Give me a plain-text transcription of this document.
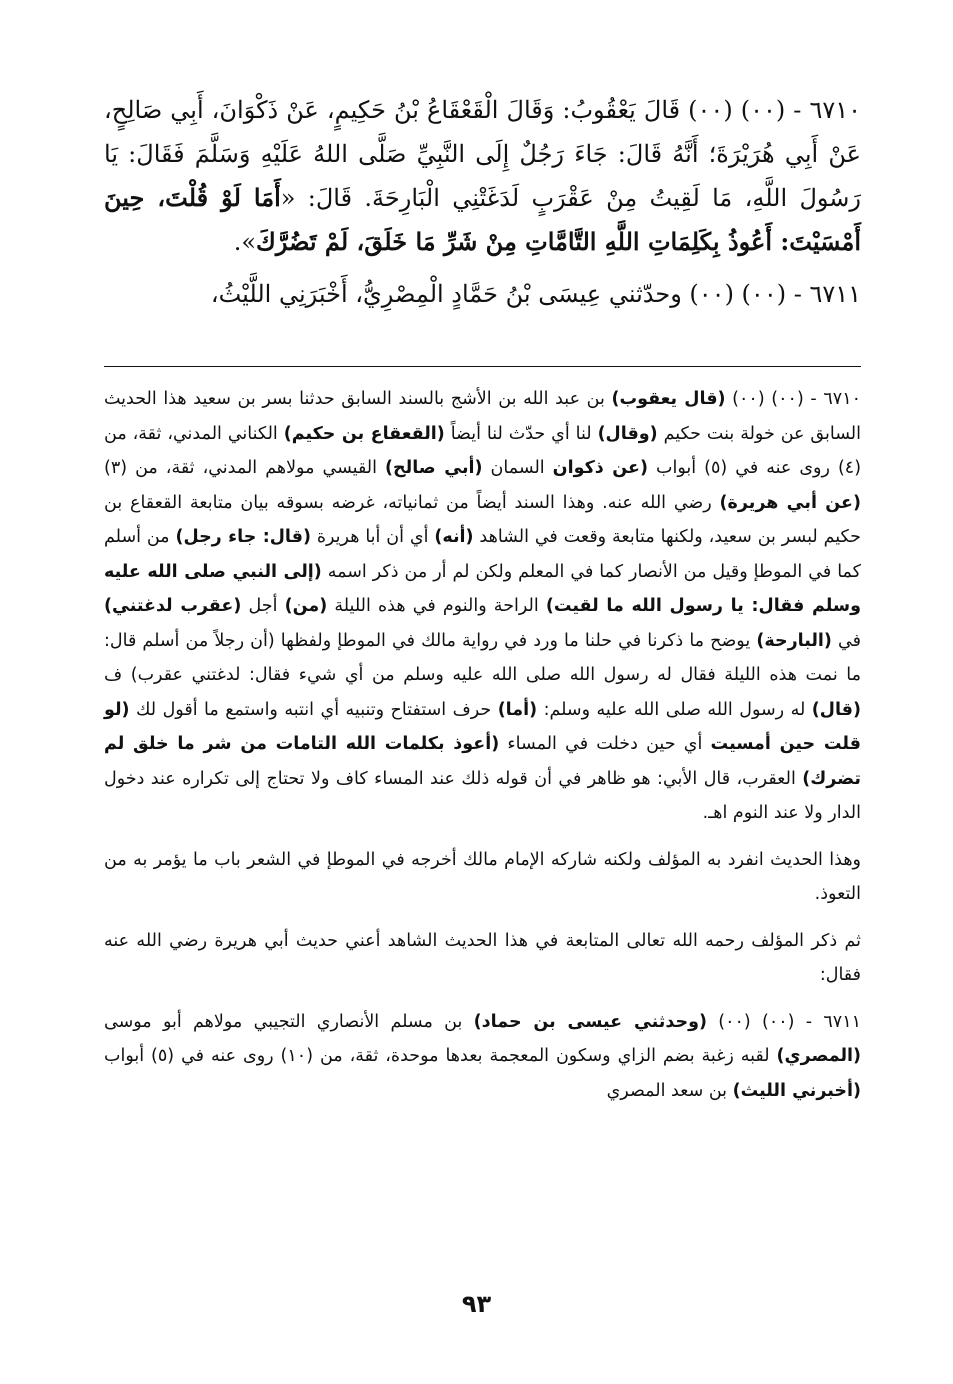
٦٧١٠ - (٠٠) (٠٠) قَالَ يَعْقُوبُ: وَقَالَ الْقَعْقَاعُ بْنُ حَكِيمٍ، عَنْ ذَكْوَانَ، أَبِي صَالِحٍ، عَنْ أَبِي هُرَيْرَةَ؛ أَنَّهُ قَالَ: جَاءَ رَجُلٌ إِلَى النَّبِيِّ صَلَّى اللهُ عَلَيْهِ وَسَلَّمَ فَقَالَ: يَا رَسُولَ اللَّهِ، مَا لَقِيتُ مِنْ عَقْرَبٍ لَدَغَتْنِي الْبَارِحَةَ. قَالَ: «أَمَا لَوْ قُلْتَ، حِينَ أَمْسَيْتَ: أَعُوذُ بِكَلِمَاتِ اللَّهِ التَّامَّاتِ مِنْ شَرِّ مَا خَلَقَ، لَمْ تَضُرَّكَ».

٦٧١١ - (٠٠) (٠٠) وحدّثني عِيسَى بْنُ حَمَّادٍ الْمِصْرِيُّ، أَخْبَرَنِي اللَّيْثُ،

٦٧١٠ - (٠٠) (٠٠) (قال يعقوب) بن عبد الله بن الأشج بالسند السابق حدثنا بسر بن سعيد هذا الحديث السابق عن خولة بنت حكيم (وقال) لنا أي حدّث لنا أيضاً (القعقاع بن حكيم) الكناني المدني، ثقة، من (٤) روى عنه في (٥) أبواب (عن ذكوان السمان (أبي صالح) القيسي مولاهم المدني، ثقة، من (٣) (عن أبي هريرة) رضي الله عنه. وهذا السند أيضاً من ثمانياته، غرضه بسوقه بيان متابعة القعقاع بن حكيم لبسر بن سعيد، ولكنها متابعة وقعت في الشاهد (أنه) أي أن أبا هريرة (قال: جاء رجل) من أسلم كما في الموطإ وقيل من الأنصار كما في المعلم ولكن لم أر من ذكر اسمه (إلى النبي صلى الله عليه وسلم فقال: يا رسول الله ما لقيت) الراحة والنوم في هذه الليلة (من) أجل (عقرب لدغتني) في (البارحة) يوضح ما ذكرنا في حلنا ما ورد في رواية مالك في الموطإ ولفظها (أن رجلاً من أسلم قال: ما نمت هذه الليلة فقال له رسول الله صلى الله عليه وسلم من أي شيء فقال: لدغتني عقرب) ف (قال) له رسول الله صلى الله عليه وسلم: (أما) حرف استفتاح وتنبيه أي انتبه واستمع ما أقول لك (لو قلت حين أمسيت أي حين دخلت في المساء (أعوذ بكلمات الله التامات من شر ما خلق لم تضرك) العقرب، قال الأبي: هو ظاهر في أن قوله ذلك عند المساء كاف ولا تحتاج إلى تكراره عند دخول الدار ولا عند النوم اهـ.

وهذا الحديث انفرد به المؤلف ولكنه شاركه الإمام مالك أخرجه في الموطإ في الشعر باب ما يؤمر به من التعوذ.

ثم ذكر المؤلف رحمه الله تعالى المتابعة في هذا الحديث الشاهد أعني حديث أبي هريرة رضي الله عنه فقال:

٦٧١١ - (٠٠) (٠٠) (وحدثني عيسى بن حماد) بن مسلم الأنصاري التجيبي مولاهم أبو موسى (المصري) لقبه زغبة بضم الزاي وسكون المعجمة بعدها موحدة، ثقة، من (١٠) روى عنه في (٥) أبواب (أخبرني الليث) بن سعد المصري

٩٣
